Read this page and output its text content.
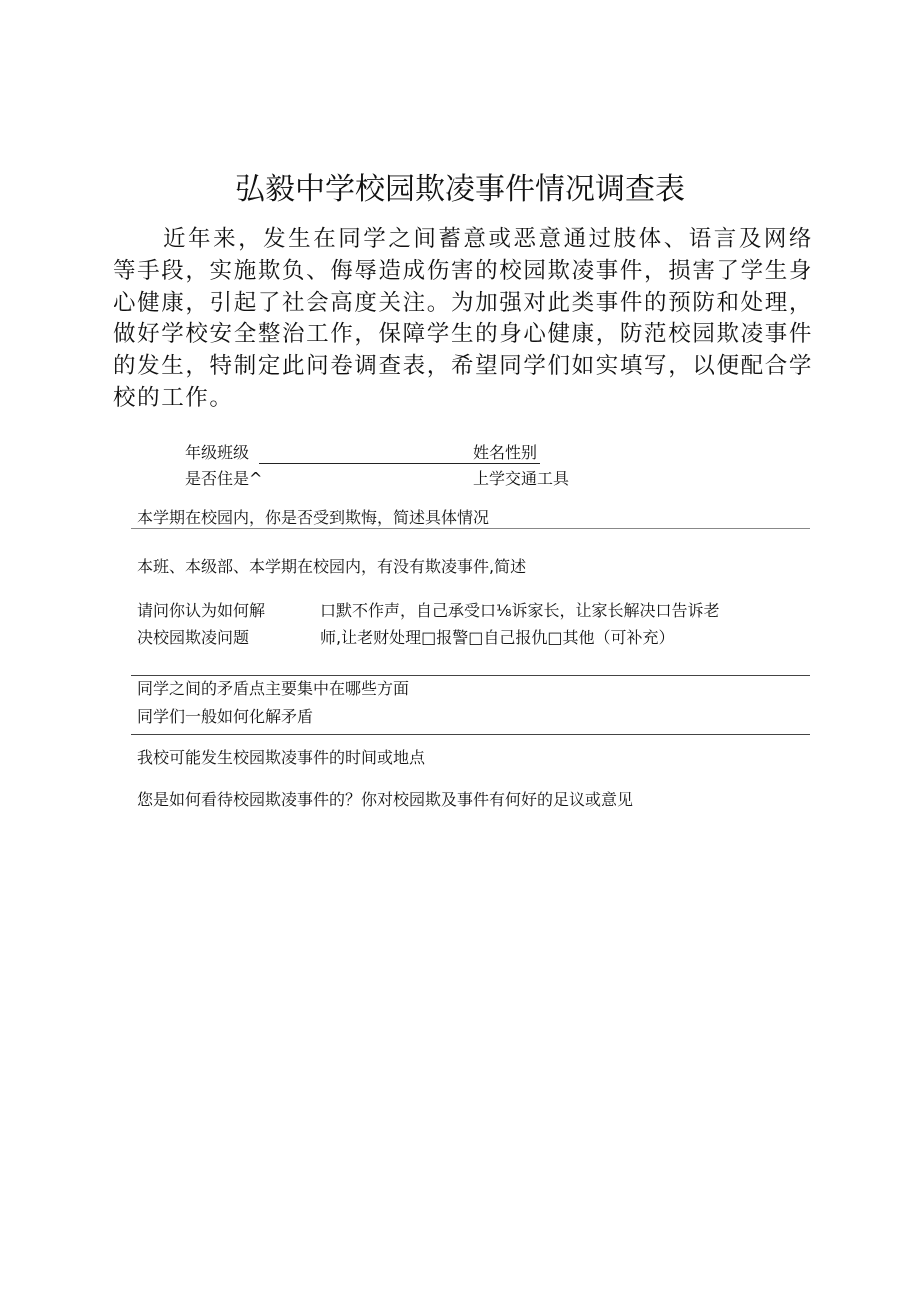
弘毅中学校园欺凌事件情况调查表

近年来，发生在同学之间蓄意或恶意通过肢体、语言及网络等手段，实施欺负、侮辱造成伤害的校园欺凌事件，损害了学生身心健康，引起了社会高度关注。为加强对此类事件的预防和处理，做好学校安全整治工作，保障学生的身心健康，防范校园欺凌事件的发生，特制定此问卷调查表，希望同学们如实填写，以便配合学校的工作。

年级班级	姓名性别
是否住是^	上学交通工具
本学期在校园内，你是否受到欺悔，简述具体情况
本班、本级部、本学期在校园内，有没有欺凌事件,简述
请问你认为如何解
决校园欺凌问题
口默不作声，自己承受口⅛诉家长，让家长解决口告诉老
师,让老财处理□报警□自己报仇□其他（可补充）
同学之间的矛盾点主要集中在哪些方面
同学们一般如何化解矛盾
我校可能发生校园欺凌事件的时间或地点
您是如何看待校园欺凌事件的？你对校园欺及事件有何好的足议或意见
